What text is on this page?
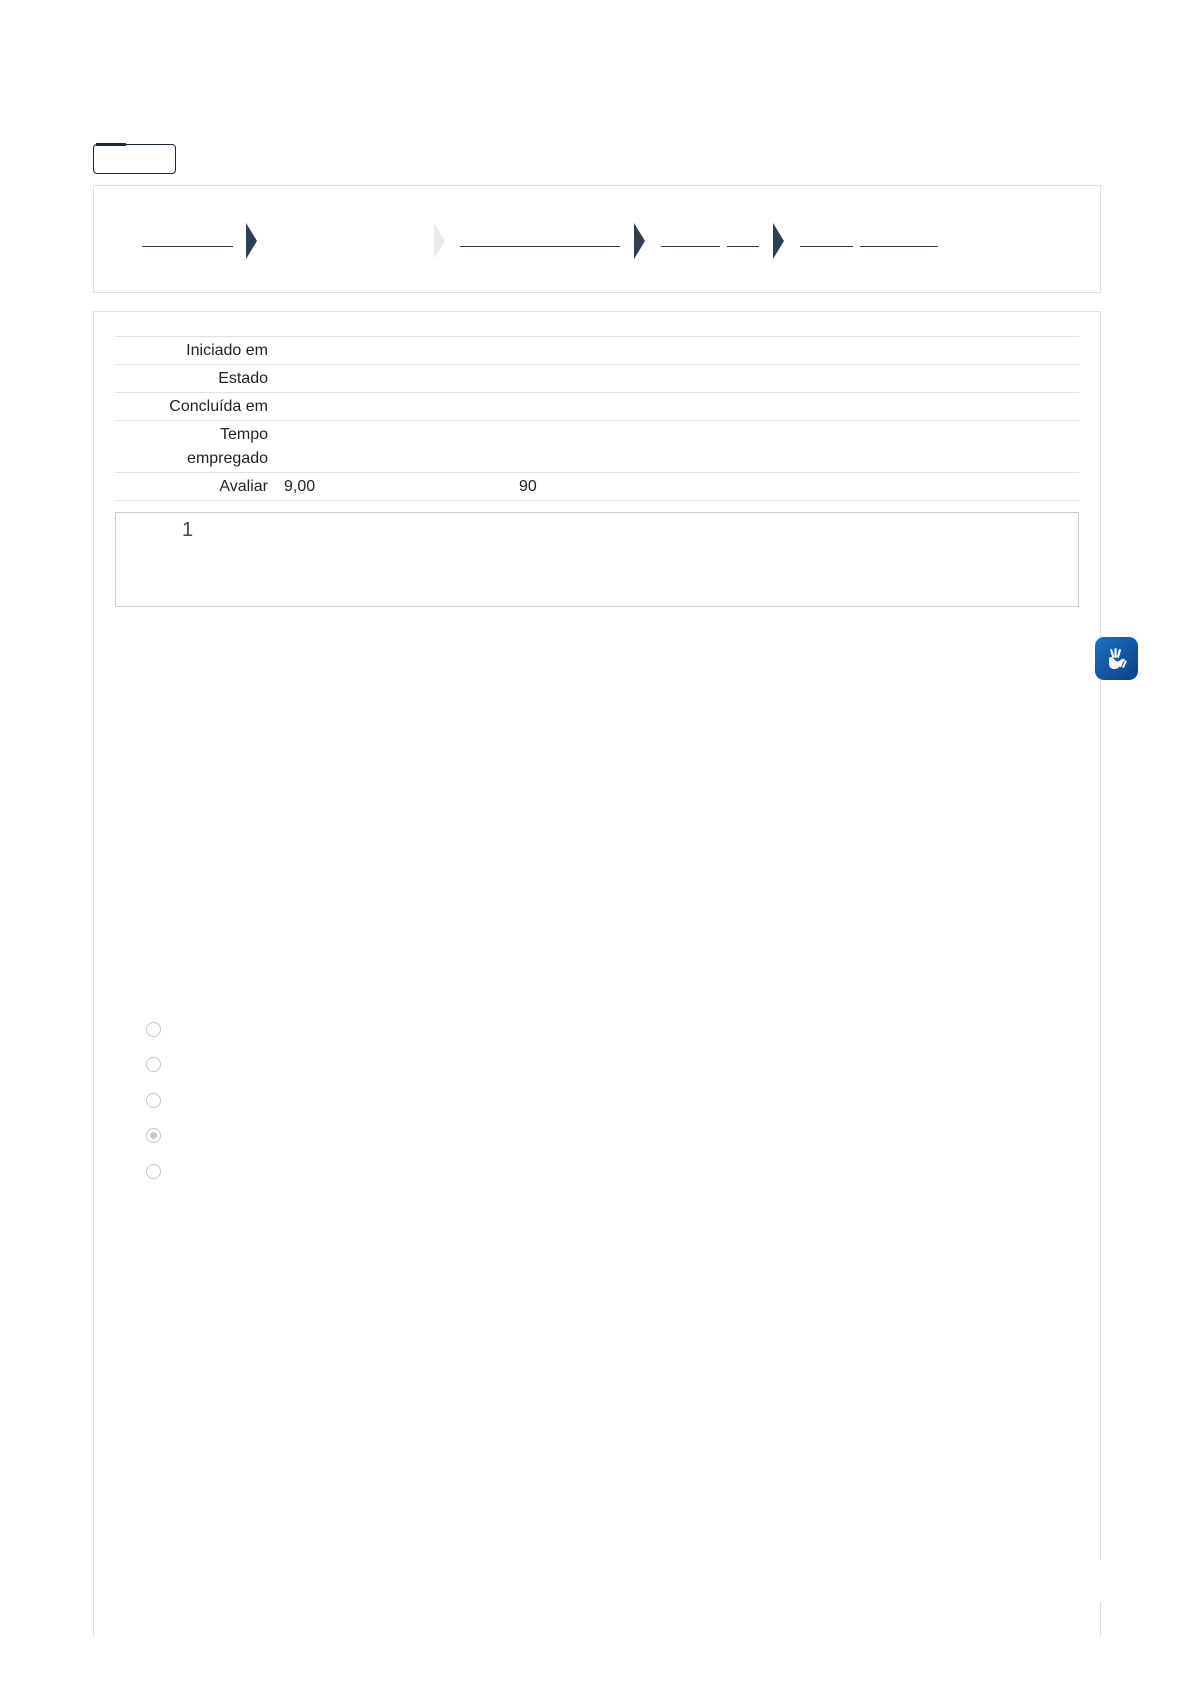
Iniciado em	
Estado	
Concluída em	
Tempo
empregado	
Avaliar	9,00 90
1
